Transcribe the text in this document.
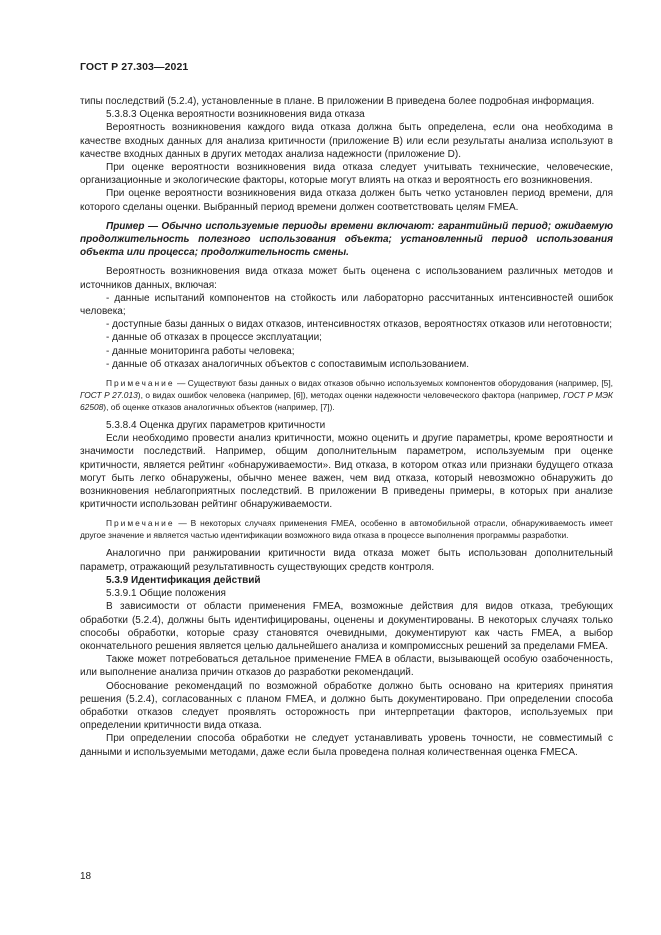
ГОСТ Р 27.303—2021

типы последствий (5.2.4), установленные в плане. В приложении В приведена более подробная информация.

5.3.8.3 Оценка вероятности возникновения вида отказа

Вероятность возникновения каждого вида отказа должна быть определена, если она необходима в качестве входных данных для анализа критичности (приложение В) или если результаты анализа используют в качестве входных данных в других методах анализа надежности (приложение D).

При оценке вероятности возникновения вида отказа следует учитывать технические, человеческие, организационные и экологические факторы, которые могут влиять на отказ и вероятность его возникновения.

При оценке вероятности возникновения вида отказа должен быть четко установлен период времени, для которого сделаны оценки. Выбранный период времени должен соответствовать целям FMEA.

Пример — Обычно используемые периоды времени включают: гарантийный период; ожидаемую продолжительность полезного использования объекта; установленный период использования объекта или процесса; продолжительность смены.

Вероятность возникновения вида отказа может быть оценена с использованием различных методов и источников данных, включая:

- данные испытаний компонентов на стойкость или лабораторно рассчитанных интенсивностей ошибок человека;

- доступные базы данных о видах отказов, интенсивностях отказов, вероятностях отказов или неготовности;

- данные об отказах в процессе эксплуатации;

- данные мониторинга работы человека;

- данные об отказах аналогичных объектов с сопоставимым использованием.

Примечание — Существуют базы данных о видах отказов обычно используемых компонентов оборудования (например, [5], ГОСТ Р 27.013), о видах ошибок человека (например, [6]), методах оценки надежности человеческого фактора (например, ГОСТ Р МЭК 62508), об оценке отказов аналогичных объектов (например, [7]).

5.3.8.4 Оценка других параметров критичности

Если необходимо провести анализ критичности, можно оценить и другие параметры, кроме вероятности и значимости последствий. Например, общим дополнительным параметром, используемым при оценке критичности, является рейтинг «обнаруживаемости». Вид отказа, в котором отказ или признаки будущего отказа могут быть легко обнаружены, обычно менее важен, чем вид отказа, который невозможно обнаружить до возникновения неблагоприятных последствий. В приложении В приведены примеры, в которых при анализе критичности использован рейтинг обнаруживаемости.

Примечание — В некоторых случаях применения FMEA, особенно в автомобильной отрасли, обнаруживаемость имеет другое значение и является частью идентификации возможного вида отказа в процессе выполнения программы разработки.

Аналогично при ранжировании критичности вида отказа может быть использован дополнительный параметр, отражающий результативность существующих средств контроля.

5.3.9 Идентификация действий

5.3.9.1 Общие положения

В зависимости от области применения FMEA, возможные действия для видов отказа, требующих обработки (5.2.4), должны быть идентифицированы, оценены и документированы. В некоторых случаях только способы обработки, которые сразу становятся очевидными, документируют как часть FMEA, а выбор окончательного решения является целью дальнейшего анализа и компромиссных решений за пределами FMEA.

Также может потребоваться детальное применение FMEA в области, вызывающей особую озабоченность, или выполнение анализа причин отказов до разработки рекомендаций.

Обоснование рекомендаций по возможной обработке должно быть основано на критериях принятия решения (5.2.4), согласованных с планом FMEA, и должно быть документировано. При определении способа обработки отказов следует проявлять осторожность при интерпретации факторов, используемых при определении критичности вида отказа.

При определении способа обработки не следует устанавливать уровень точности, не совместимый с данными и используемыми методами, даже если была проведена полная количественная оценка FMECA.

18
